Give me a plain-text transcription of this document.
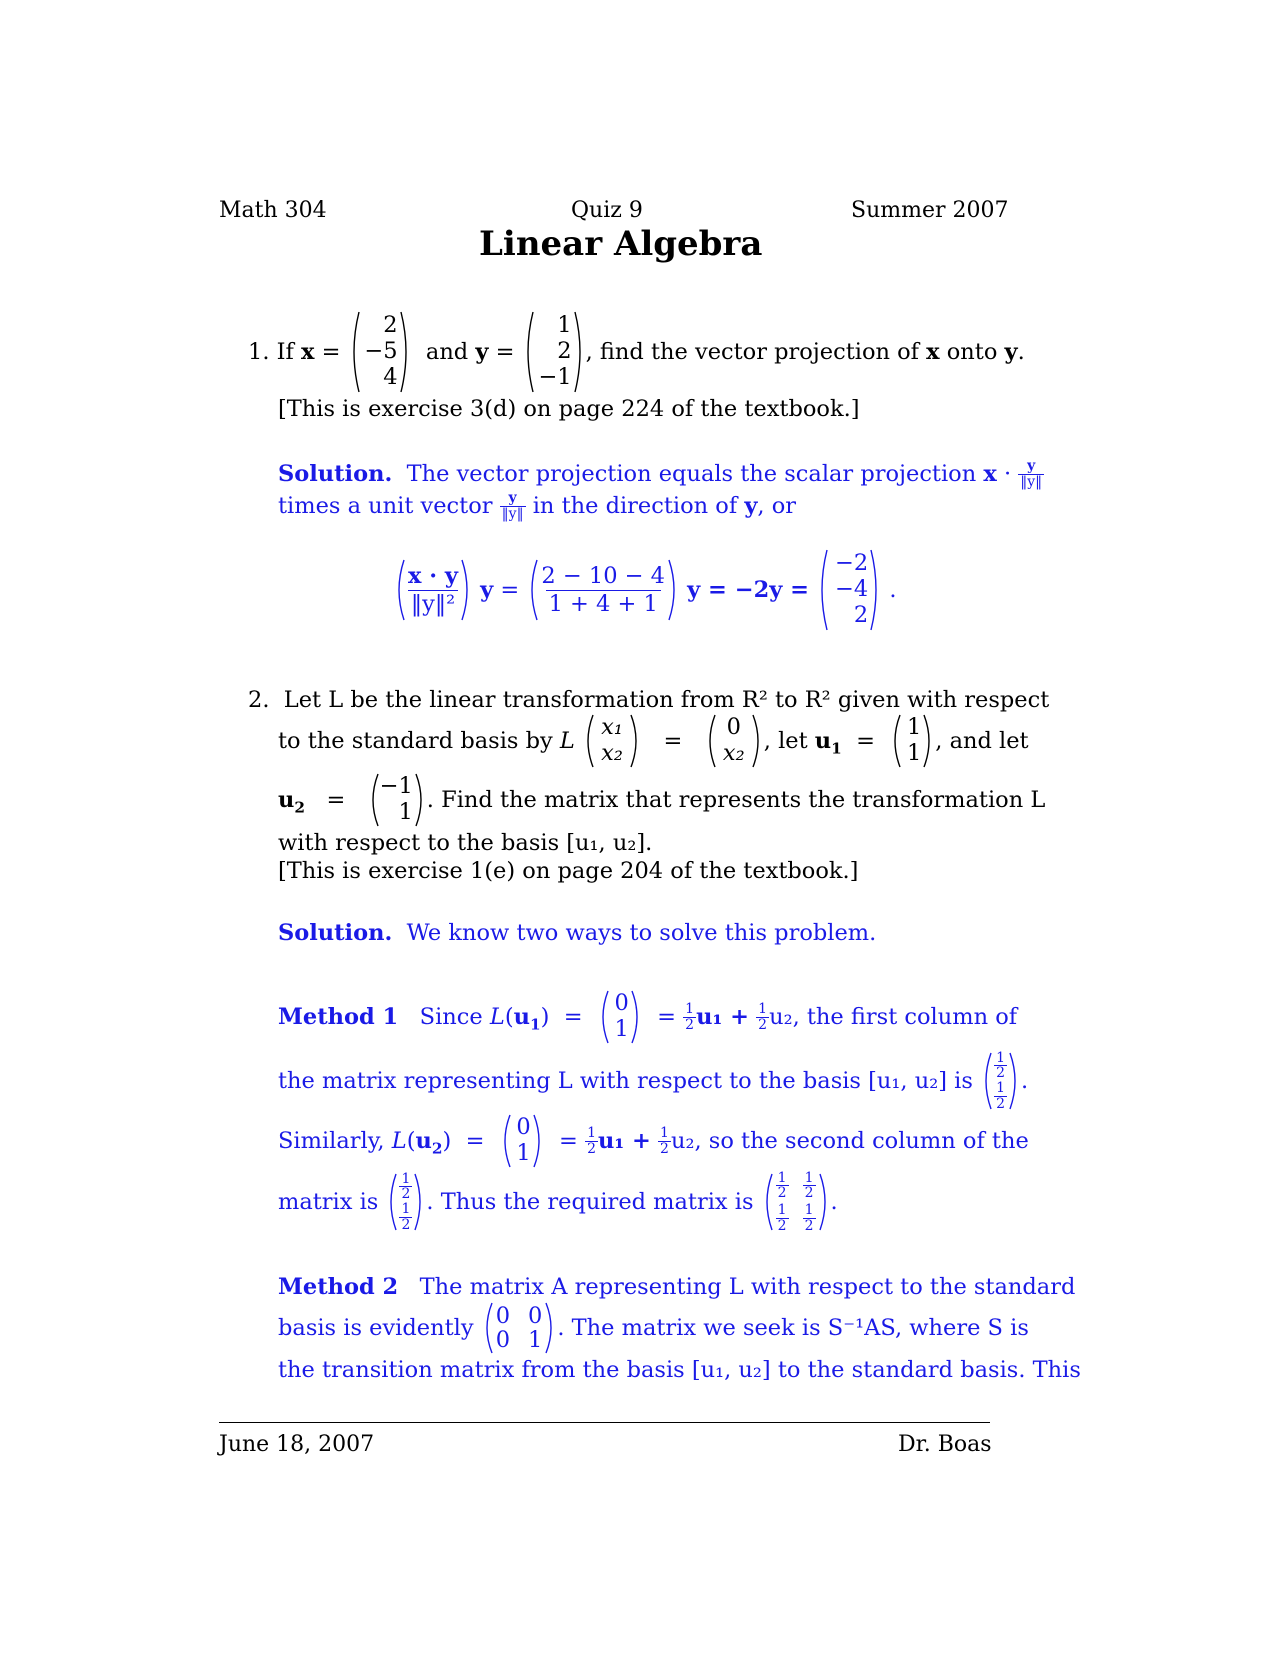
Math 304	Quiz 9	Summer 2007
Linear Algebra
1.
If
x
=

2
−5
4

and
y
=

1
2
−1
, find the vector projection of
x
onto
y .
[This is exercise 3(d) on page 224 of the textbook.]
Solution.
The vector projection equals the scalar projection
$x \cdot \frac{y}{‖y‖}$
times a unit vector
$\frac{y}{‖y‖}$
in the direction of
y , or
$\frac{x \cdot y}{\text{‖y‖²}}$
$y = \frac{2 - 10 - 4}{1 + 4 + 1}$
y = −2y =

−2
−4
2
.
2. Let L be the linear transformation from R² to R² given with respect
to the standard basis by
L

x₁
x₂ =
0
x₂ , let
$u_1$ =
1
1 , and let
$u_2$ =
−1
1 . Find the matrix that represents the transformation L
with respect to the basis [u₁, u₂].
[This is exercise 1(e) on page 204 of the textbook.]
Solution. We know two ways to solve this problem.
Method 1
Since
L ( $u_1$ )  =
0
$1 = \frac{1}{2} u_1$ +
$\frac{1}{2} u_2$, the first column of
the matrix representing L with respect to the basis [u₁, u₂] is
$\frac{1}{2}$
$\frac{1}{2}$
.
Similarly,
L ( $u_2$ )  =
0
$1 = \frac{1}{2} u_1$ +
$\frac{1}{2} u_2$, so the second column of the
matrix is
$\frac{1}{2}$
$\frac{1}{2}$
. Thus the required matrix is

$\frac{1}{2} \frac{1}{2}$
$\frac{1}{2} \frac{1}{2}$
.
Method 2 The matrix A representing L with respect to the standard
basis is evidently
0 0
0 1 . The matrix we seek is S⁻¹AS, where S is
the transition matrix from the basis [u₁, u₂] to the standard basis. This
June 18, 2007	Dr. Boas
